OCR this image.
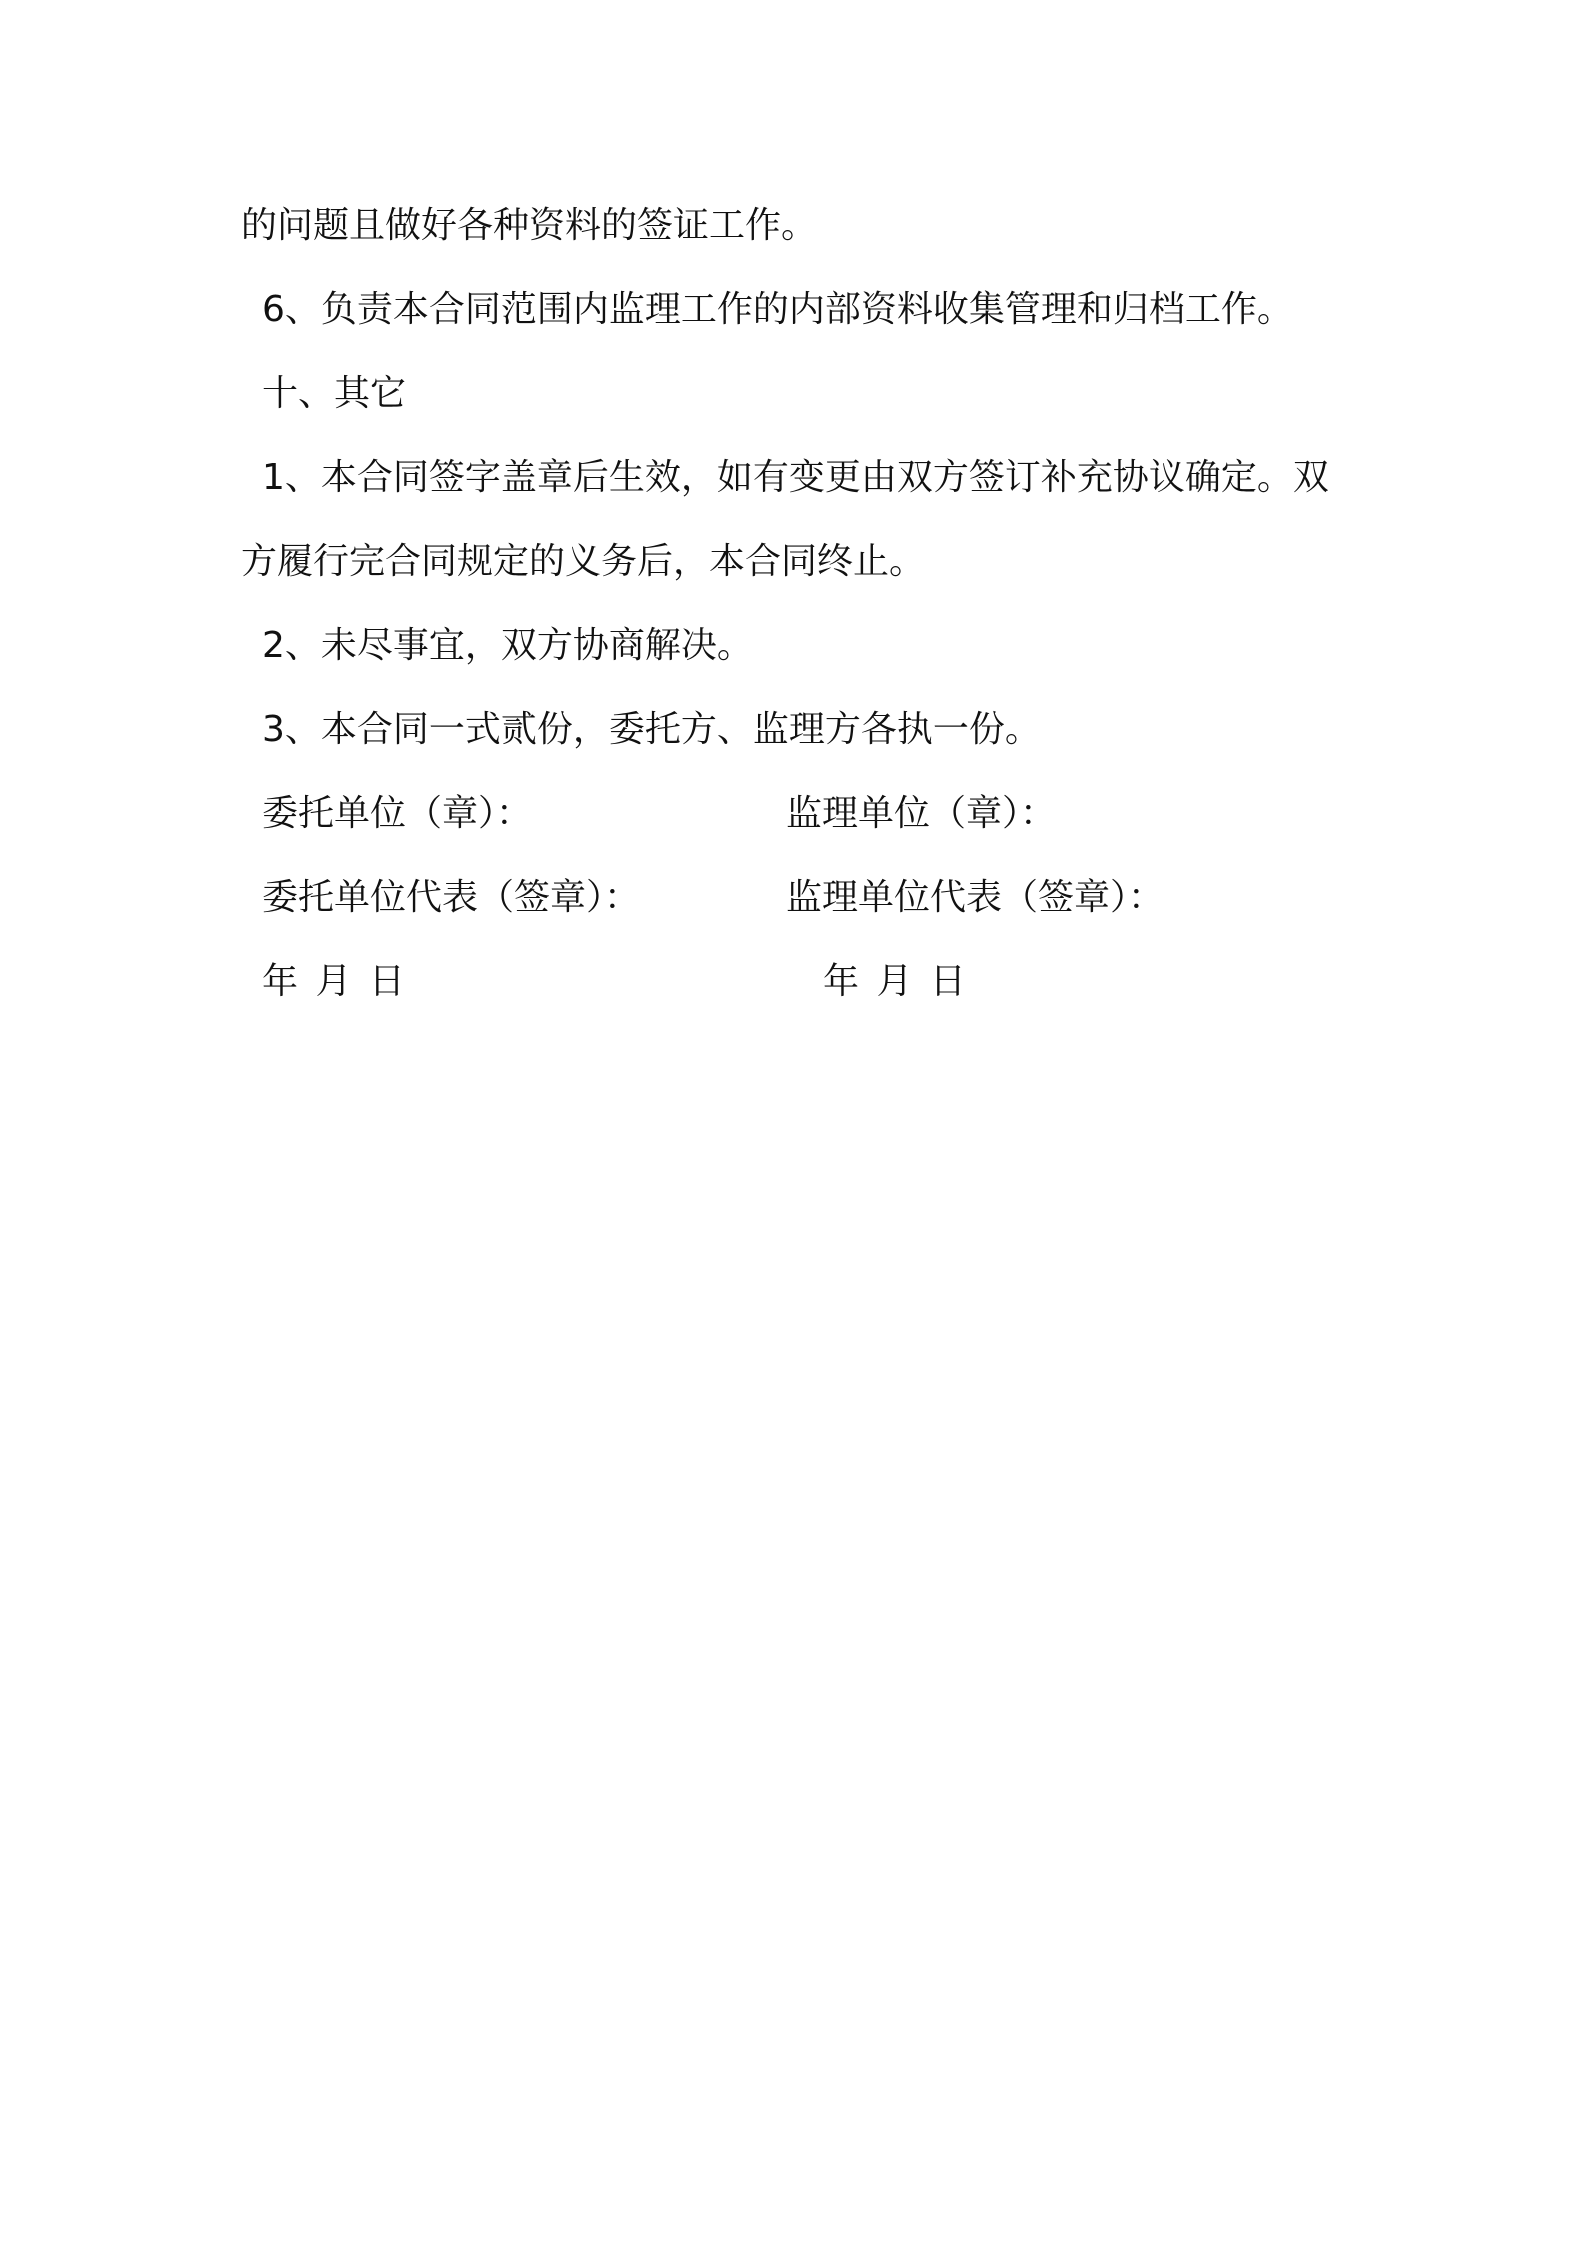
的问题且做好各种资料的签证工作。
6、负责本合同范围内监理工作的内部资料收集管理和归档工作。
十、其它
1、本合同签字盖章后生效，如有变更由双方签订补充协议确定。双
方履行完合同规定的义务后，本合同终止。
2、未尽事宜，双方协商解决。
3、本合同一式贰份，委托方、监理方各执一份。
委托单位（章）：	监理单位（章）：
委托单位代表（签章）：	监理单位代表（签章）：
年 月 日	年 月 日
